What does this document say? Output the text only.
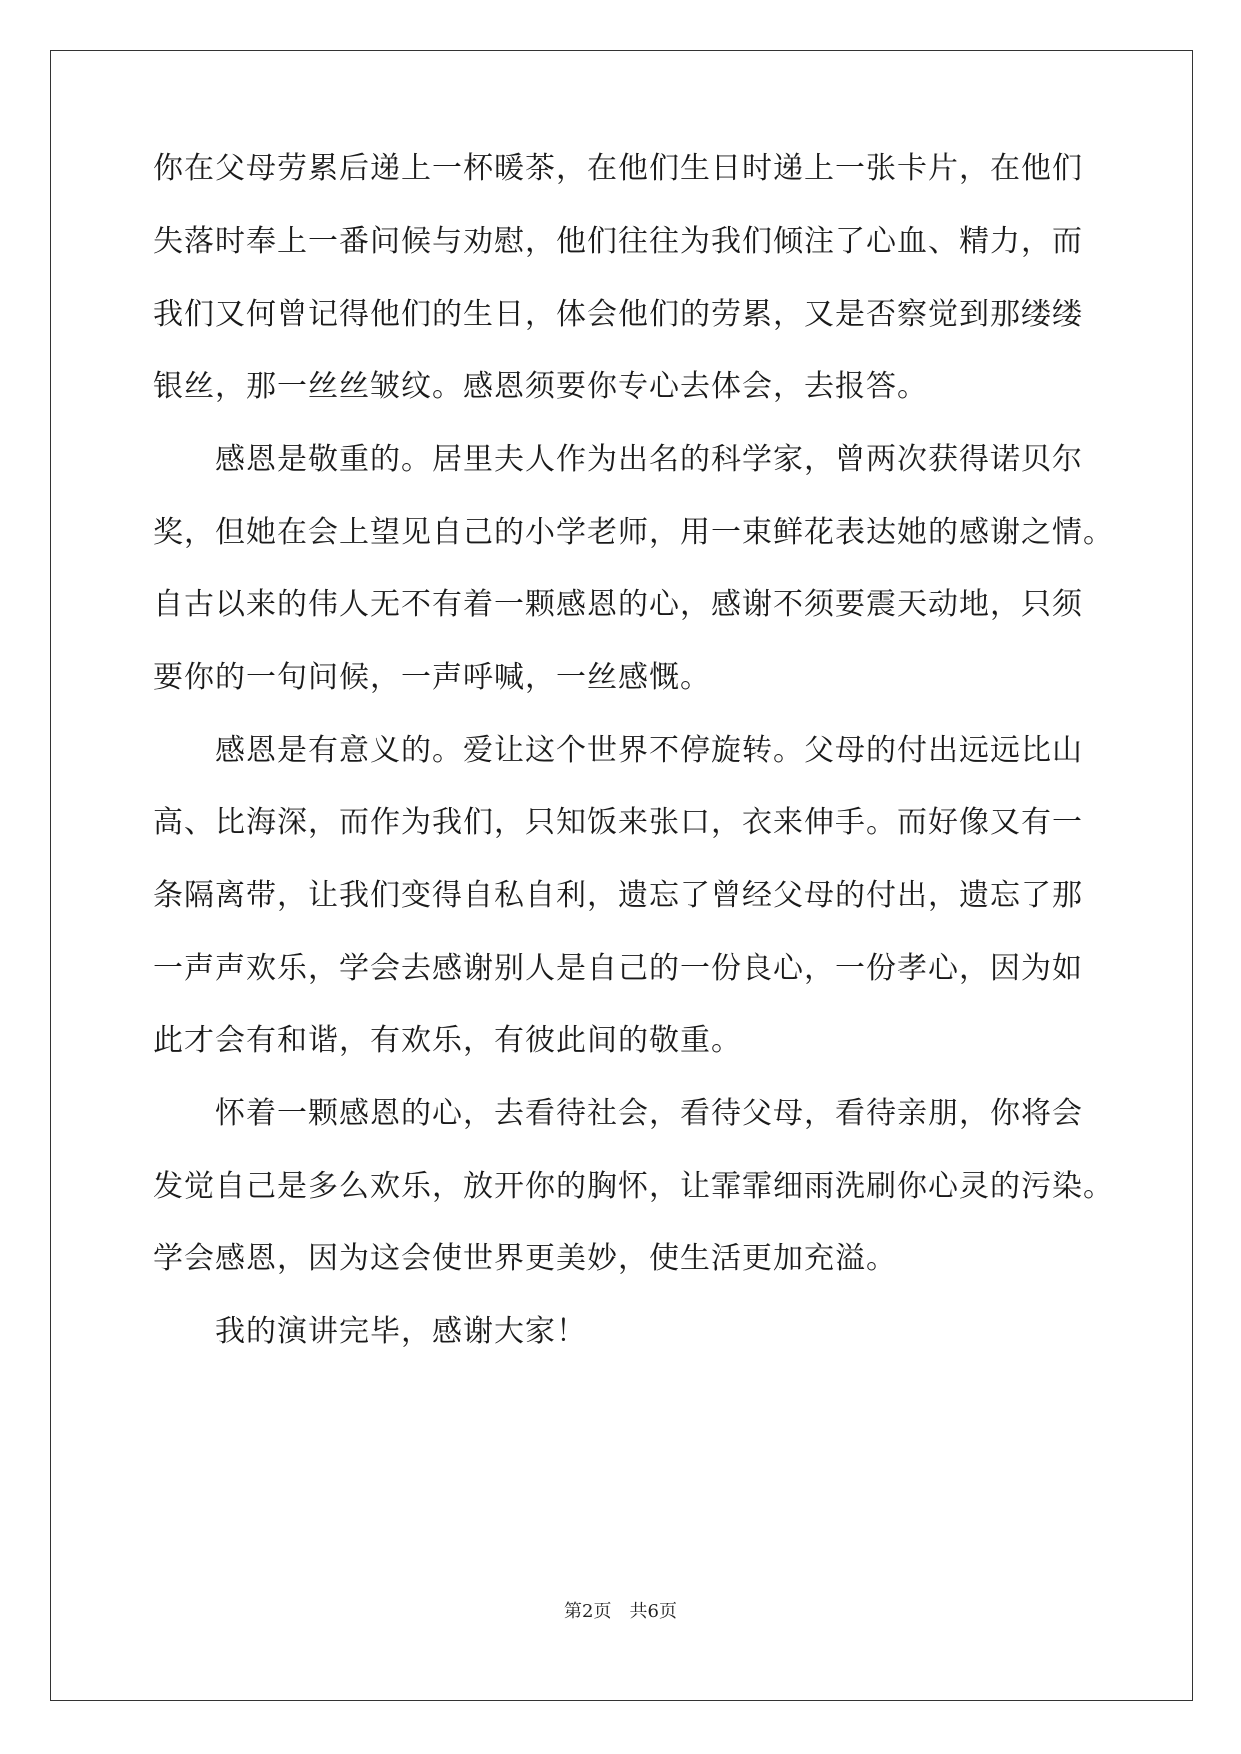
你在父母劳累后递上一杯暖茶，在他们生日时递上一张卡片，在他们
失落时奉上一番问候与劝慰，他们往往为我们倾注了心血、精力，而
我们又何曾记得他们的生日，体会他们的劳累，又是否察觉到那缕缕
银丝，那一丝丝皱纹。感恩须要你专心去体会，去报答。
感恩是敬重的。居里夫人作为出名的科学家，曾两次获得诺贝尔
奖，但她在会上望见自己的小学老师，用一束鲜花表达她的感谢之情。
自古以来的伟人无不有着一颗感恩的心，感谢不须要震天动地，只须
要你的一句问候，一声呼喊，一丝感慨。
感恩是有意义的。爱让这个世界不停旋转。父母的付出远远比山
高、比海深，而作为我们，只知饭来张口，衣来伸手。而好像又有一
条隔离带，让我们变得自私自利，遗忘了曾经父母的付出，遗忘了那
一声声欢乐，学会去感谢别人是自己的一份良心，一份孝心，因为如
此才会有和谐，有欢乐，有彼此间的敬重。
怀着一颗感恩的心，去看待社会，看待父母，看待亲朋，你将会
发觉自己是多么欢乐，放开你的胸怀，让霏霏细雨洗刷你心灵的污染。
学会感恩，因为这会使世界更美妙，使生活更加充溢。
我的演讲完毕，感谢大家！
第2页 共6页
